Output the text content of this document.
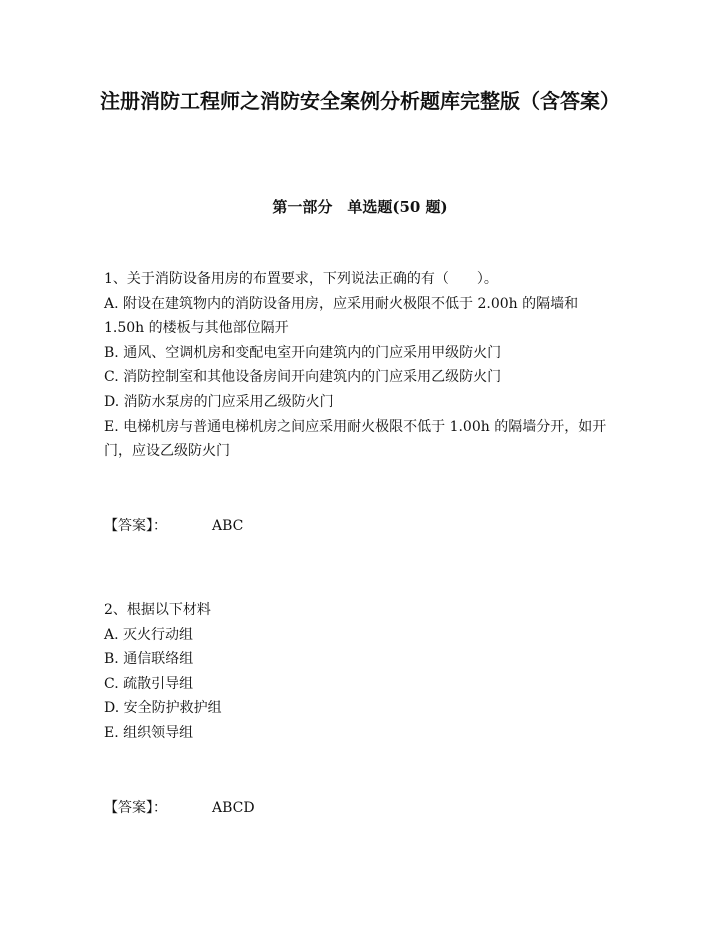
注册消防工程师之消防安全案例分析题库完整版（含答案）
第一部分　单选题(50 题)
1、关于消防设备用房的布置要求，下列说法正确的有（　　）。
A. 附设在建筑物内的消防设备用房，应采用耐火极限不低于 2.00h 的隔墙和 1.50h 的楼板与其他部位隔开
B. 通风、空调机房和变配电室开向建筑内的门应采用甲级防火门
C. 消防控制室和其他设备房间开向建筑内的门应采用乙级防火门
D. 消防水泵房的门应采用乙级防火门
E. 电梯机房与普通电梯机房之间应采用耐火极限不低于 1.00h 的隔墙分开，如开门，应设乙级防火门
【答案】：	ABC
2、根据以下材料
A. 灭火行动组
B. 通信联络组
C. 疏散引导组
D. 安全防护救护组
E. 组织领导组
【答案】：	ABCD
